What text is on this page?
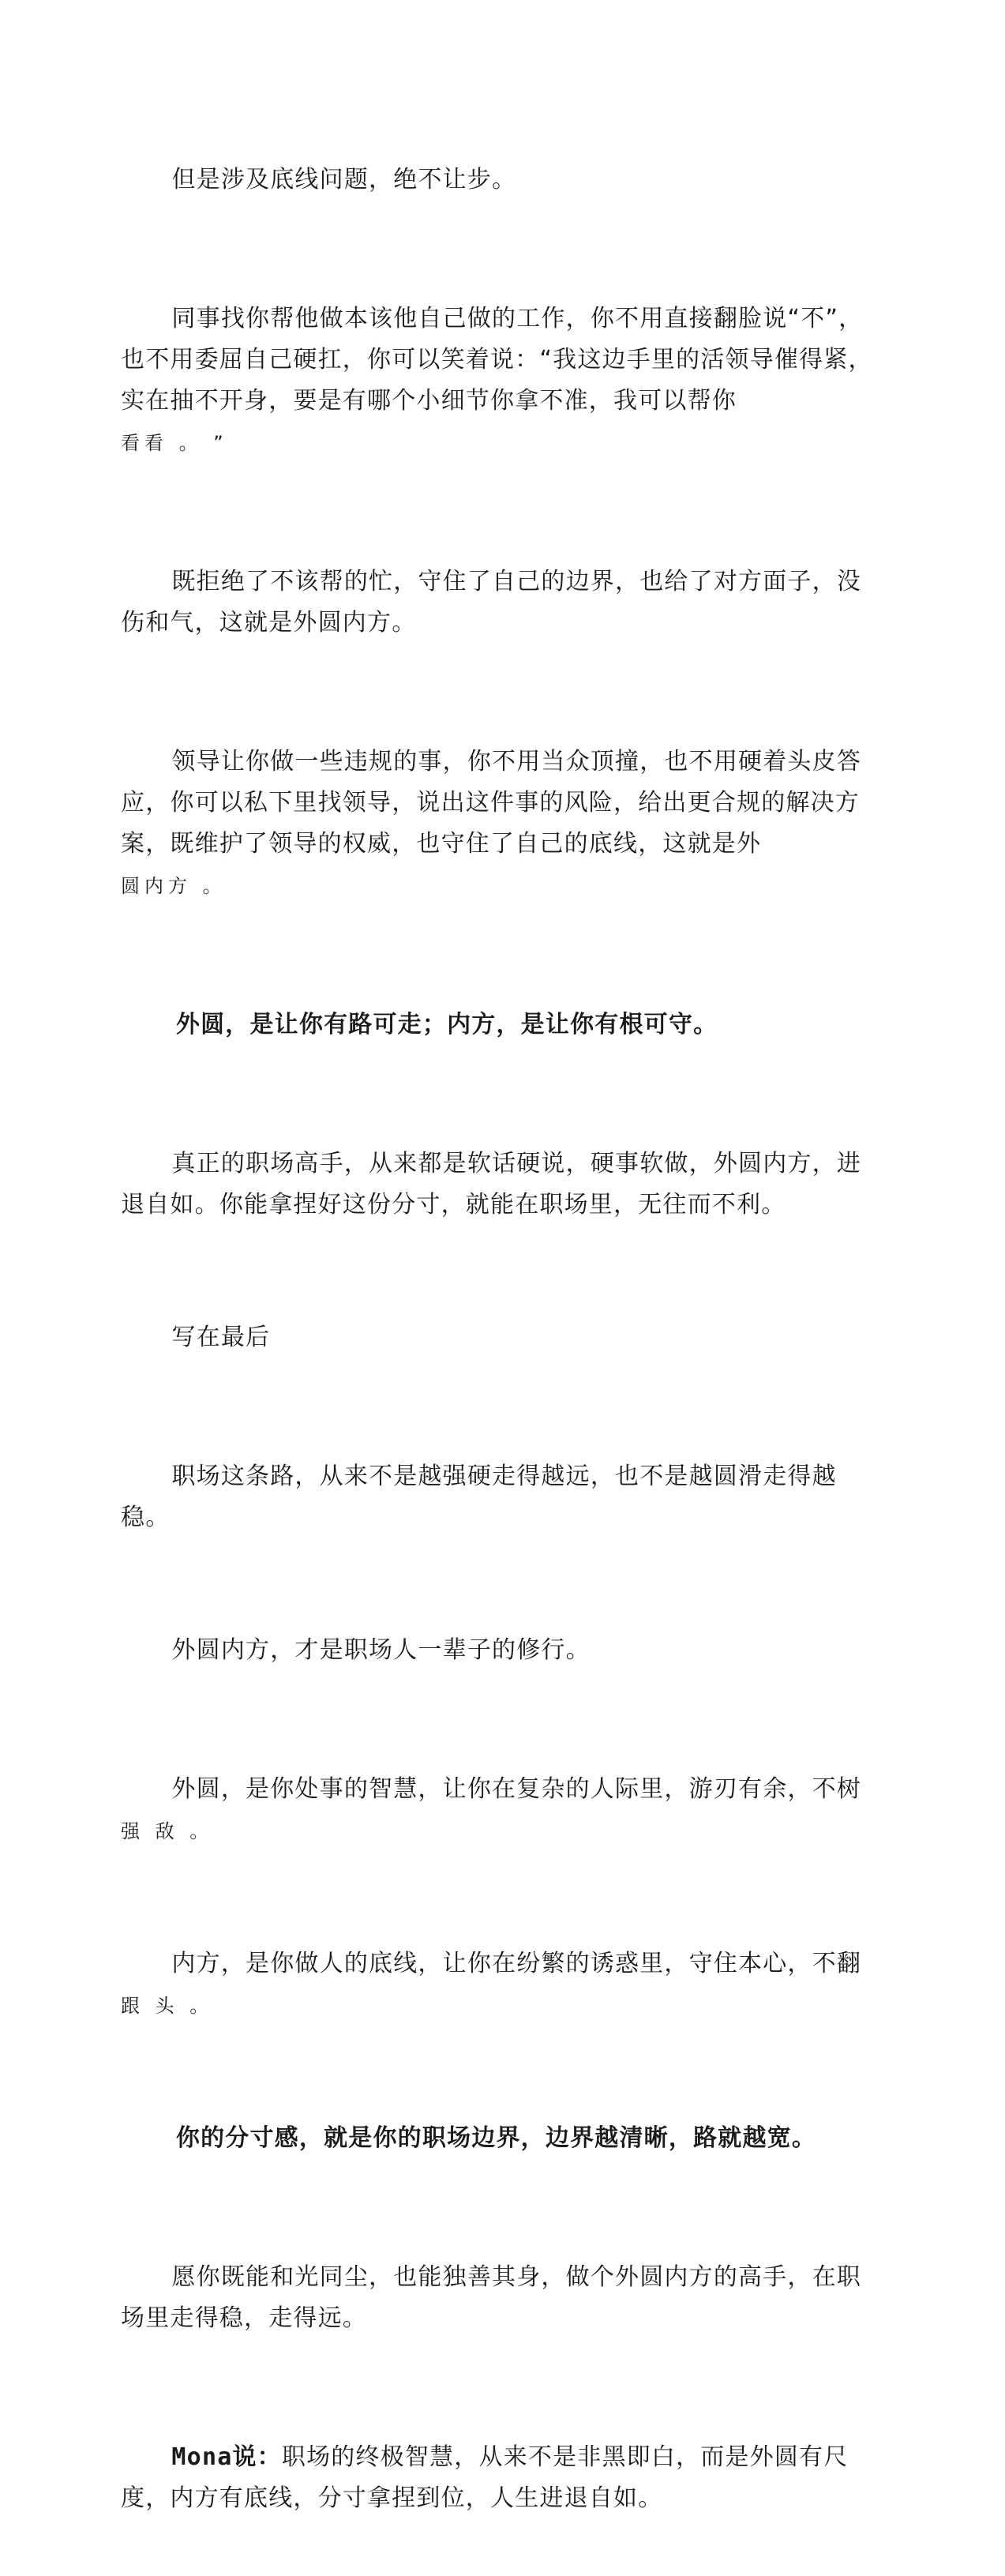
但是涉及底线问题，绝不让步。

同事找你帮他做本该他自己做的工作，你不用直接翻脸说“不”，也不用委屈自己硬扛，你可以笑着说：“我这边手里的活领导催得紧，实在抽不开身，要是有哪个小细节你拿不准，我可以帮你
看看 。 ”

既拒绝了不该帮的忙，守住了自己的边界，也给了对方面子，没伤和气，这就是外圆内方。

领导让你做一些违规的事，你不用当众顶撞，也不用硬着头皮答应，你可以私下里找领导，说出这件事的风险，给出更合规的解决方案，既维护了领导的权威，也守住了自己的底线，这就是外
圆内方 。

外圆，是让你有路可走；内方，是让你有根可守。

真正的职场高手，从来都是软话硬说，硬事软做，外圆内方，进退自如。你能拿捏好这份分寸，就能在职场里，无往而不利。

写在最后

职场这条路，从来不是越强硬走得越远，也不是越圆滑走得越稳。

外圆内方，才是职场人一辈子的修行。

外圆，是你处事的智慧，让你在复杂的人际里，游刃有余，不树
强 敌 。

内方，是你做人的底线，让你在纷繁的诱惑里，守住本心，不翻
跟 头 。

你的分寸感，就是你的职场边界，边界越清晰，路就越宽。

愿你既能和光同尘，也能独善其身，做个外圆内方的高手，在职场里走得稳，走得远。

Mona说：职场的终极智慧，从来不是非黑即白，而是外圆有尺度，内方有底线，分寸拿捏到位，人生进退自如。
